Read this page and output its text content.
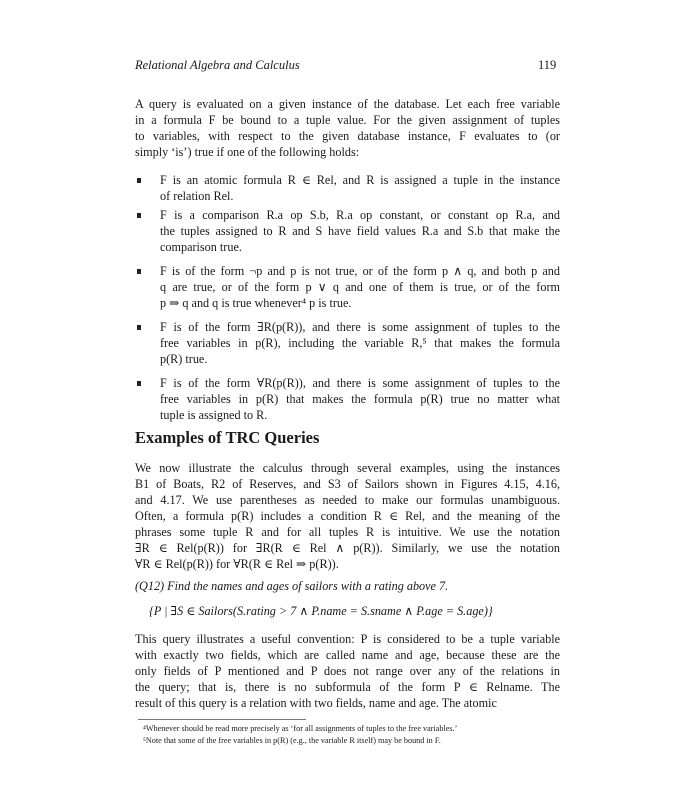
Relational Algebra and Calculus	119
A query is evaluated on a given instance of the database. Let each free variable
in a formula F be bound to a tuple value. For the given assignment of tuples
to variables, with respect to the given database instance, F evaluates to (or
simply ‘is’) true if one of the following holds:
F is an atomic formula R ∈ Rel, and R is assigned a tuple in the instance
of relation Rel.
F is a comparison R.a op S.b, R.a op constant, or constant op R.a, and
the tuples assigned to R and S have field values R.a and S.b that make the
comparison true.
F is of the form ¬p and p is not true, or of the form p ∧ q, and both p and
q are true, or of the form p ∨ q and one of them is true, or of the form
p ⇒ q and q is true whenever⁴ p is true.
F is of the form ∃R(p(R)), and there is some assignment of tuples to the
free variables in p(R), including the variable R,⁵ that makes the formula
p(R) true.
F is of the form ∀R(p(R)), and there is some assignment of tuples to the
free variables in p(R) that makes the formula p(R) true no matter what
tuple is assigned to R.
Examples of TRC Queries
We now illustrate the calculus through several examples, using the instances
B1 of Boats, R2 of Reserves, and S3 of Sailors shown in Figures 4.15, 4.16,
and 4.17. We use parentheses as needed to make our formulas unambiguous.
Often, a formula p(R) includes a condition R ∈ Rel, and the meaning of the
phrases some tuple R and for all tuples R is intuitive. We use the notation
∃R ∈ Rel(p(R)) for ∃R(R ∈ Rel ∧ p(R)). Similarly, we use the notation
∀R ∈ Rel(p(R)) for ∀R(R ∈ Rel ⇒ p(R)).
(Q12) Find the names and ages of sailors with a rating above 7.
{P | ∃S ∈ Sailors(S.rating > 7 ∧ P.name = S.sname ∧ P.age = S.age)}
This query illustrates a useful convention: P is considered to be a tuple variable
with exactly two fields, which are called name and age, because these are the
only fields of P mentioned and P does not range over any of the relations in
the query; that is, there is no subformula of the form P ∈ Relname. The
result of this query is a relation with two fields, name and age. The atomic
⁴Whenever should be read more precisely as ‘for all assignments of tuples to the free variables.’
⁵Note that some of the free variables in p(R) (e.g., the variable R itself) may be bound in F.
